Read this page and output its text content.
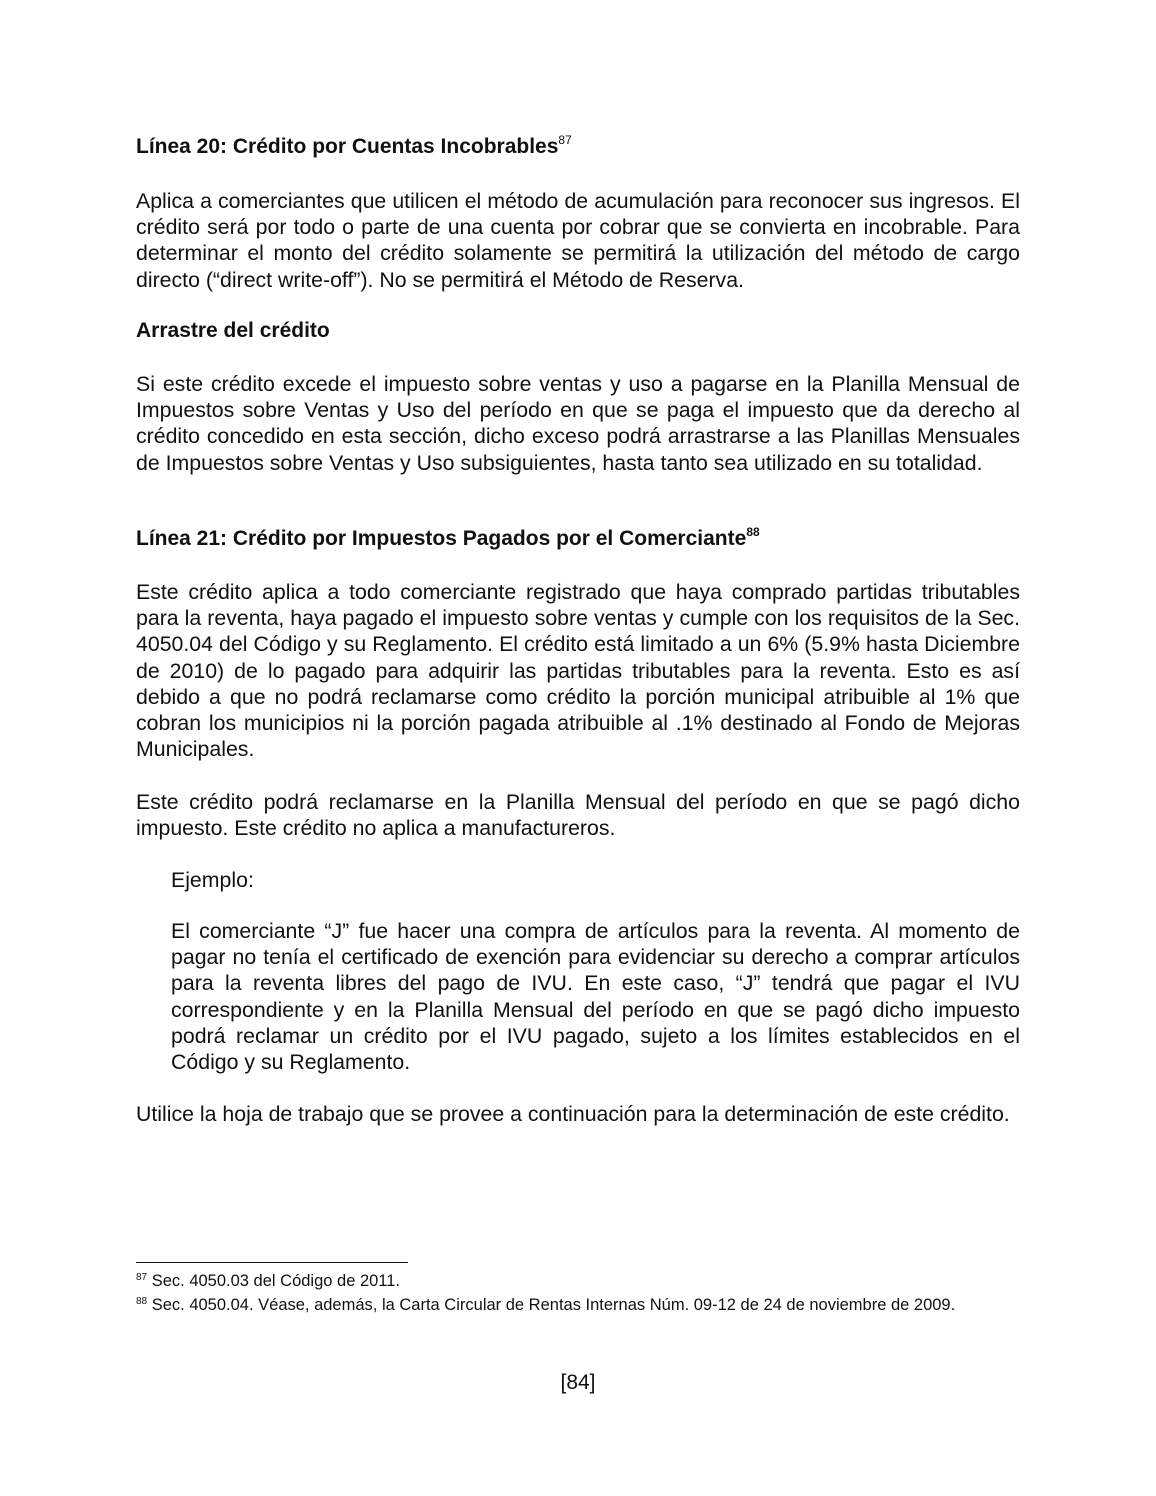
Línea 20: Crédito por Cuentas Incobrables$^{87}$
Aplica a comerciantes que utilicen el método de acumulación para reconocer sus ingresos. El crédito será por todo o parte de una cuenta por cobrar que se convierta en incobrable. Para determinar el monto del crédito solamente se permitirá la utilización del método de cargo directo (“direct write-off”). No se permitirá el Método de Reserva.
Arrastre del crédito
Si este crédito excede el impuesto sobre ventas y uso a pagarse en la Planilla Mensual de Impuestos sobre Ventas y Uso del período en que se paga el impuesto que da derecho al crédito concedido en esta sección, dicho exceso podrá arrastrarse a las Planillas Mensuales de Impuestos sobre Ventas y Uso subsiguientes, hasta tanto sea utilizado en su totalidad.
Línea 21: Crédito por Impuestos Pagados por el Comerciante$^{88}$
Este crédito aplica a todo comerciante registrado que haya comprado partidas tributables para la reventa, haya pagado el impuesto sobre ventas y cumple con los requisitos de la Sec. 4050.04 del Código y su Reglamento. El crédito está limitado a un 6% (5.9% hasta Diciembre de 2010) de lo pagado para adquirir las partidas tributables para la reventa. Esto es así debido a que no podrá reclamarse como crédito la porción municipal atribuible al 1% que cobran los municipios ni la porción pagada atribuible al .1% destinado al Fondo de Mejoras Municipales.
Este crédito podrá reclamarse en la Planilla Mensual del período en que se pagó dicho impuesto. Este crédito no aplica a manufactureros.
Ejemplo:
El comerciante “J” fue hacer una compra de artículos para la reventa. Al momento de pagar no tenía el certificado de exención para evidenciar su derecho a comprar artículos para la reventa libres del pago de IVU. En este caso, “J” tendrá que pagar el IVU correspondiente y en la Planilla Mensual del período en que se pagó dicho impuesto podrá reclamar un crédito por el IVU pagado, sujeto a los límites establecidos en el Código y su Reglamento.
Utilice la hoja de trabajo que se provee a continuación para la determinación de este crédito.
$^{87}$ Sec. 4050.03 del Código de 2011.
$^{88}$ Sec. 4050.04. Véase, además, la Carta Circular de Rentas Internas Núm. 09-12 de 24 de noviembre de 2009.
[84]
